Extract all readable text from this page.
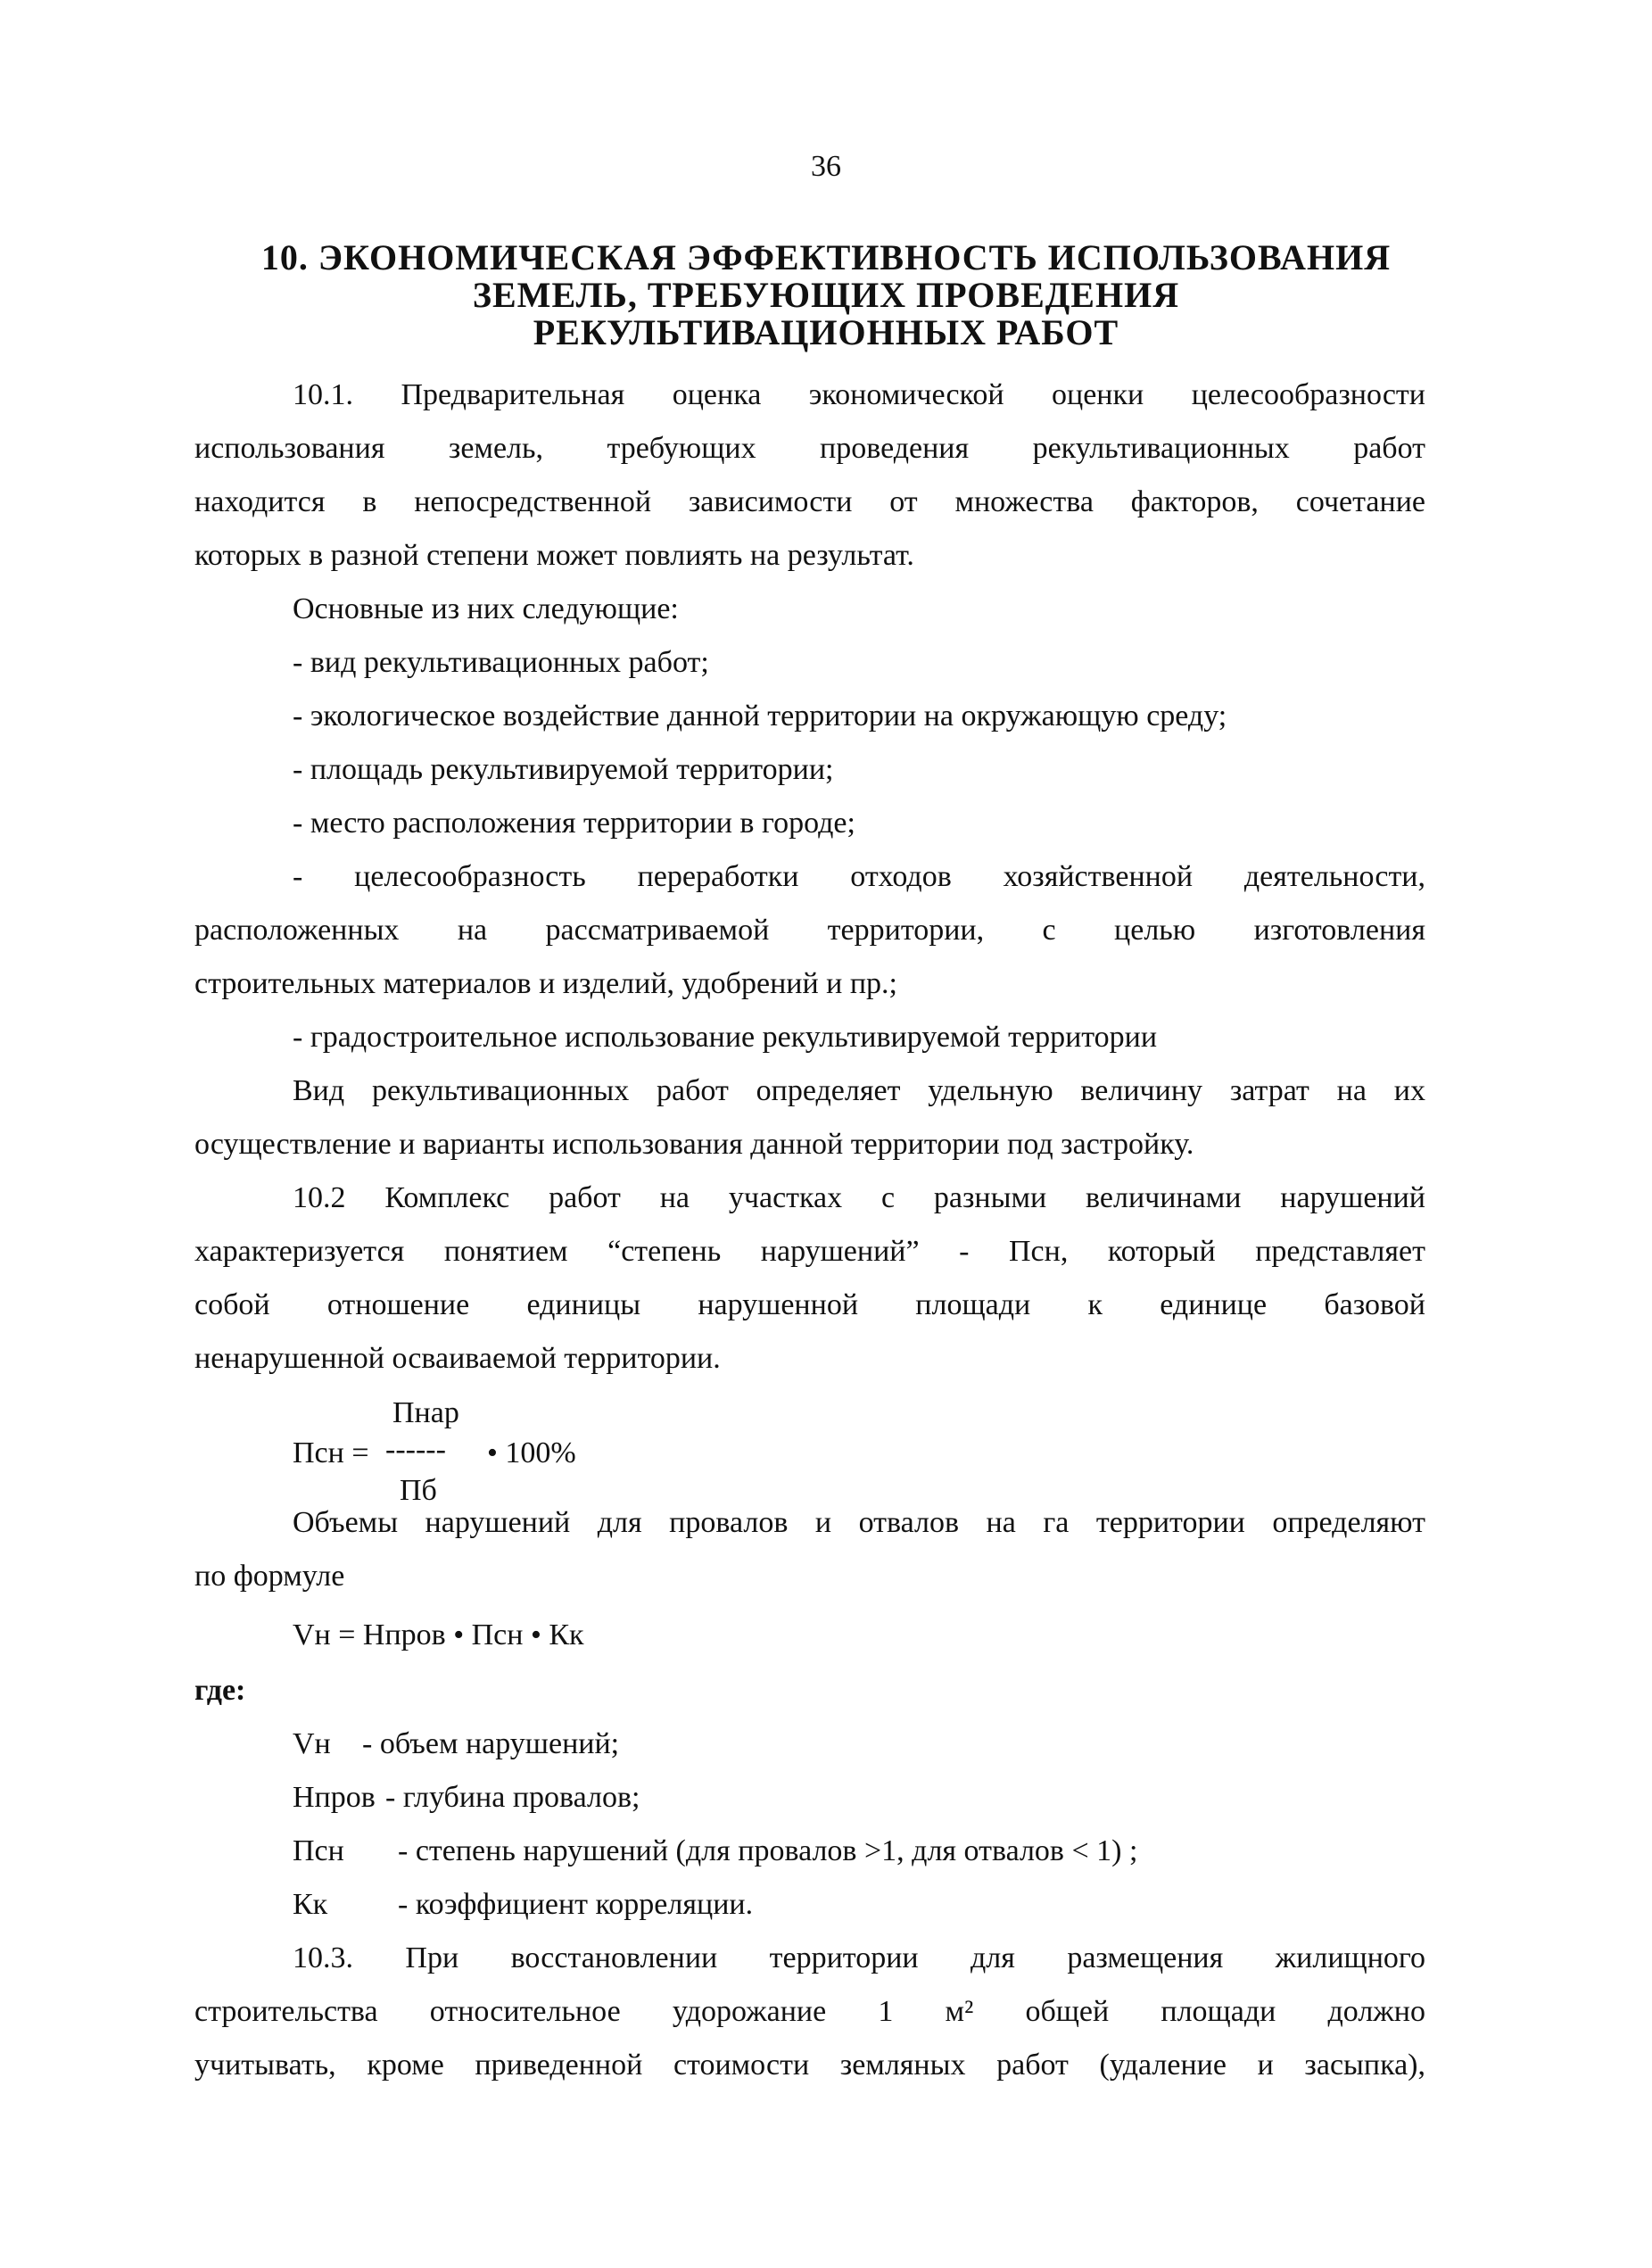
36
10. ЭКОНОМИЧЕСКАЯ ЭФФЕКТИВНОСТЬ ИСПОЛЬЗОВАНИЯ
ЗЕМЕЛЬ, ТРЕБУЮЩИХ ПРОВЕДЕНИЯ
РЕКУЛЬТИВАЦИОННЫХ РАБОТ
10.1. Предварительная оценка экономической оценки целесообразности
использования земель, требующих проведения рекультивационных работ
находится в непосредственной зависимости от множества факторов, сочетание
которых в разной степени может повлиять на результат.
Основные из них следующие:
- вид рекультивационных работ;
- экологическое воздействие данной территории на окружающую среду;
- площадь рекультивируемой территории;
- место расположения территории в городе;
- целесообразность переработки отходов хозяйственной деятельности,
расположенных на рассматриваемой территории, с целью изготовления
строительных материалов и изделий, удобрений и пр.;
- градостроительное использование рекультивируемой территории
Вид рекультивационных работ определяет удельную величину затрат на их
осуществление и варианты использования данной территории под застройку.
10.2 Комплекс работ на участках с разными величинами нарушений
характеризуется понятием “степень нарушений” - Псн, который представляет
собой отношение единицы нарушенной площади к единице базовой
ненарушенной осваиваемой территории.
Пнар
Псн = ------ • 100%
Пб
Объемы нарушений для провалов и отвалов на га территории определяют
по формуле
Vн = Нпров • Псн • Кк
где:
Vн - объем нарушений;
Нпров - глубина провалов;
Псн - степень нарушений (для провалов >1, для отвалов < 1) ;
Кк - коэффициент корреляции.
10.3. При восстановлении территории для размещения жилищного
строительства относительное удорожание 1 м² общей площади должно
учитывать, кроме приведенной стоимости земляных работ (удаление и засыпка),
